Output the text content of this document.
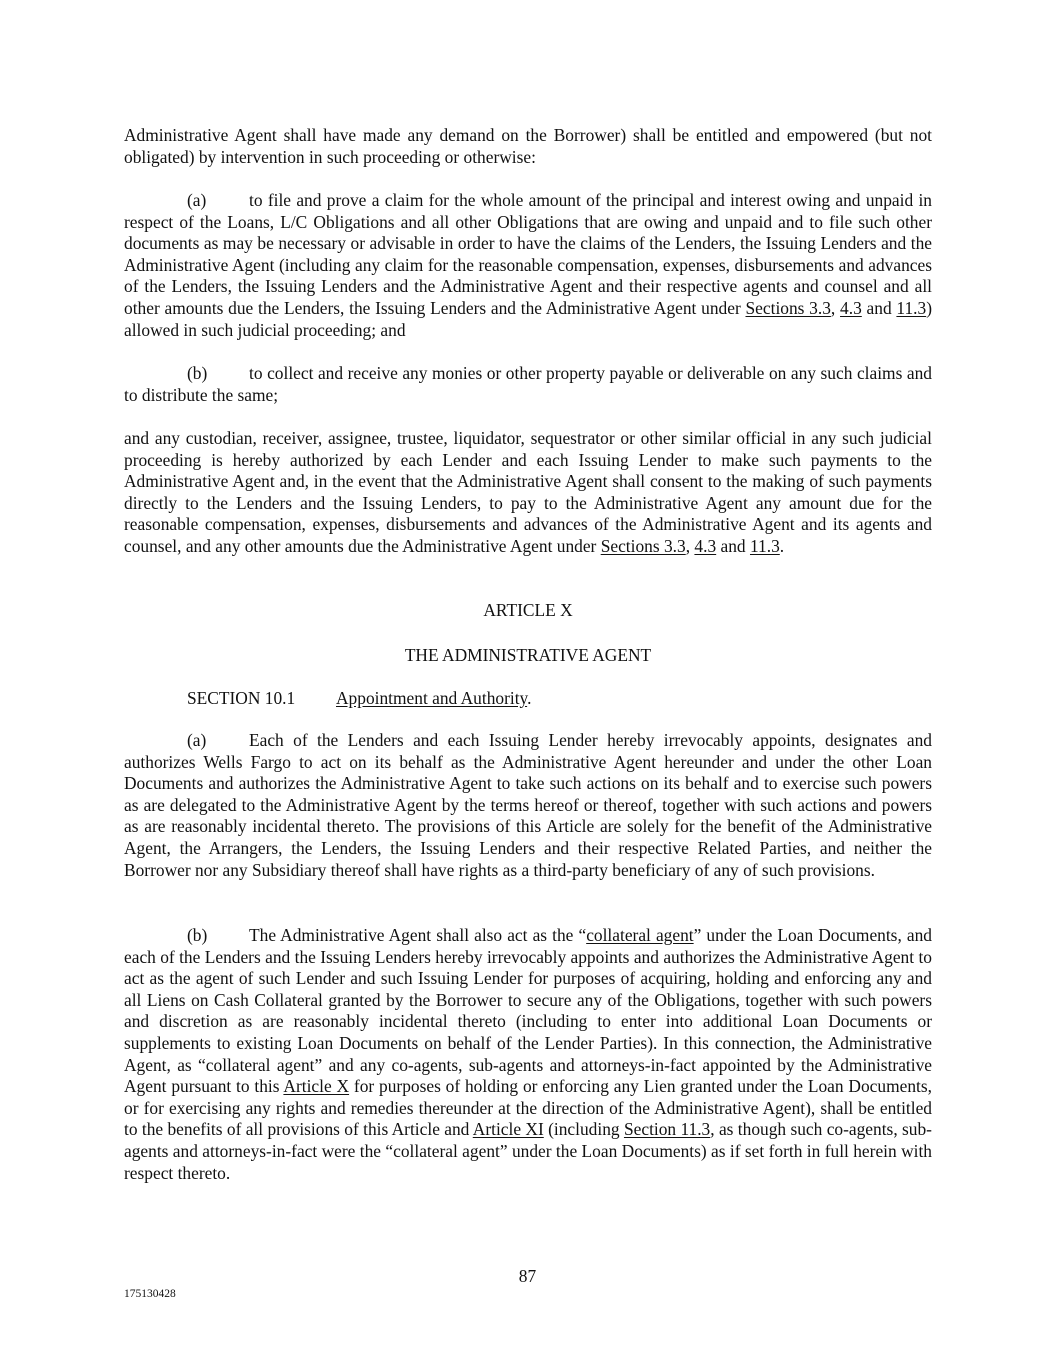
Administrative Agent shall have made any demand on the Borrower) shall be entitled and empowered (but not obligated) by intervention in such proceeding or otherwise:

(a) to file and prove a claim for the whole amount of the principal and interest owing and unpaid in respect of the Loans, L/C Obligations and all other Obligations that are owing and unpaid and to file such other documents as may be necessary or advisable in order to have the claims of the Lenders, the Issuing Lenders and the Administrative Agent (including any claim for the reasonable compensation, expenses, disbursements and advances of the Lenders, the Issuing Lenders and the Administrative Agent and their respective agents and counsel and all other amounts due the Lenders, the Issuing Lenders and the Administrative Agent under Sections 3.3, 4.3 and 11.3) allowed in such judicial proceeding; and

(b) to collect and receive any monies or other property payable or deliverable on any such claims and to distribute the same;

and any custodian, receiver, assignee, trustee, liquidator, sequestrator or other similar official in any such judicial proceeding is hereby authorized by each Lender and each Issuing Lender to make such payments to the Administrative Agent and, in the event that the Administrative Agent shall consent to the making of such payments directly to the Lenders and the Issuing Lenders, to pay to the Administrative Agent any amount due for the reasonable compensation, expenses, disbursements and advances of the Administrative Agent and its agents and counsel, and any other amounts due the Administrative Agent under Sections 3.3, 4.3 and 11.3.

ARTICLE X
THE ADMINISTRATIVE AGENT
SECTION 10.1 Appointment and Authority.

(a) Each of the Lenders and each Issuing Lender hereby irrevocably appoints, designates and authorizes Wells Fargo to act on its behalf as the Administrative Agent hereunder and under the other Loan Documents and authorizes the Administrative Agent to take such actions on its behalf and to exercise such powers as are delegated to the Administrative Agent by the terms hereof or thereof, together with such actions and powers as are reasonably incidental thereto. The provisions of this Article are solely for the benefit of the Administrative Agent, the Arrangers, the Lenders, the Issuing Lenders and their respective Related Parties, and neither the Borrower nor any Subsidiary thereof shall have rights as a third-party beneficiary of any of such provisions.

(b) The Administrative Agent shall also act as the “collateral agent” under the Loan Documents, and each of the Lenders and the Issuing Lenders hereby irrevocably appoints and authorizes the Administrative Agent to act as the agent of such Lender and such Issuing Lender for purposes of acquiring, holding and enforcing any and all Liens on Cash Collateral granted by the Borrower to secure any of the Obligations, together with such powers and discretion as are reasonably incidental thereto (including to enter into additional Loan Documents or supplements to existing Loan Documents on behalf of the Lender Parties). In this connection, the Administrative Agent, as “collateral agent” and any co-agents, sub-agents and attorneys-in-fact appointed by the Administrative Agent pursuant to this Article X for purposes of holding or enforcing any Lien granted under the Loan Documents, or for exercising any rights and remedies thereunder at the direction of the Administrative Agent), shall be entitled to the benefits of all provisions of this Article and Article XI (including Section 11.3, as though such co-agents, sub-agents and attorneys-in-fact were the “collateral agent” under the Loan Documents) as if set forth in full herein with respect thereto.

87
175130428
